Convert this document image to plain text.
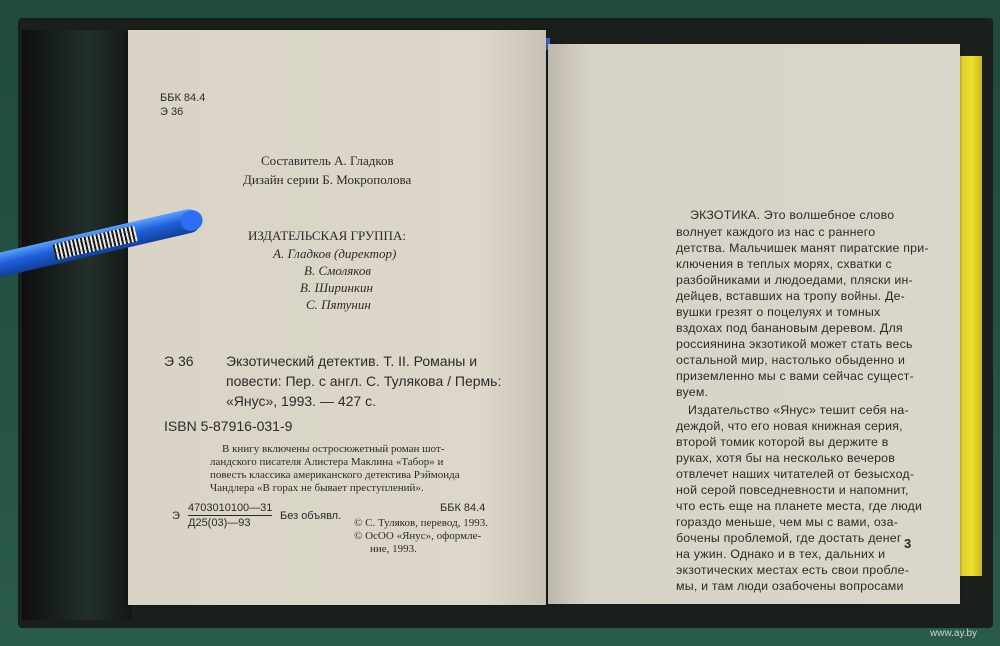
ББК 84.4
Э 36
Составитель А. Гладков
Дизайн серии Б. Мокрополова
ИЗДАТЕЛЬСКАЯ ГРУППА:
А. Гладков (директор)
В. Смоляков
В. Ширинкин
С. Пятунин
Э 36 Экзотический детектив. Т. II. Романы и
повести: Пер. с англ. С. Тулякова / Пермь:
«Янус», 1993. — 427 с.
ISBN 5-87916-031-9
В книгу включены остросюжетный роман шот-
ландского писателя Алистера Маклина «Табор» и
повесть классика американского детектива Рэймонда
Чандлера «В горах не бывает преступлений».
ББК 84.4
Э
4703010100—31
Д25(03)—93
Без объявл.
© С. Туляков, перевод, 1993.
© ОсОО «Янус», оформле-
ние, 1993.
ЭКЗОТИКА. Это волшебное слово
волнует каждого из нас с раннего
детства. Мальчишек манят пиратские при-
ключения в теплых морях, схватки с
разбойниками и людоедами, пляски ин-
дейцев, вставших на тропу войны. Де-
вушки грезят о поцелуях и томных
вздохах под банановым деревом. Для
россиянина экзотикой может стать весь
остальной мир, настолько обыденно и
приземленно мы с вами сейчас сущест-
вуем.
Издательство «Янус» тешит себя на-
деждой, что его новая книжная серия,
второй томик которой вы держите в
руках, хотя бы на несколько вечеров
отвлечет наших читателей от безысход-
ной серой повседневности и напомнит,
что есть еще на планете места, где люди
гораздо меньше, чем мы с вами, оза-
бочены проблемой, где достать денег
на ужин. Однако и в тех, дальних и
экзотических местах есть свои пробле-
мы, и там люди озабочены вопросами
3
www.ay.by
